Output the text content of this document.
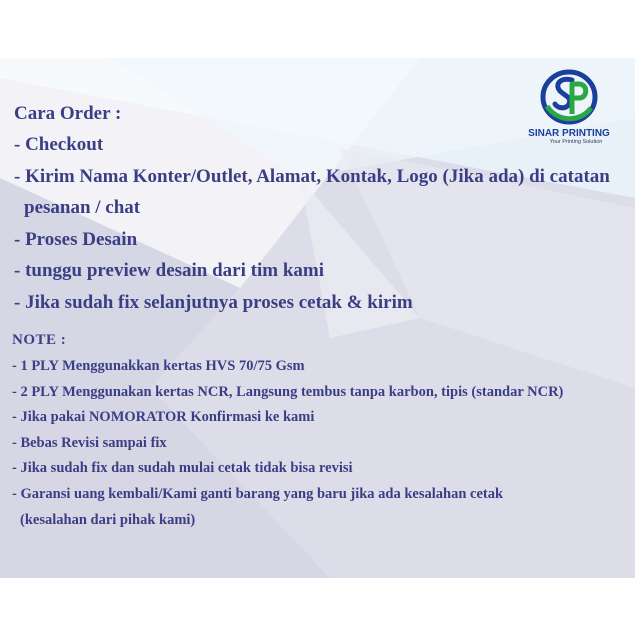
SINAR PRINTING
Your Printing Solution
Cara Order :
- Checkout
- Kirim Nama Konter/Outlet, Alamat, Kontak, Logo (Jika ada) di catatan
pesanan / chat
- Proses Desain
- tunggu preview desain dari tim kami
- Jika sudah fix selanjutnya proses cetak & kirim
NOTE :
- 1 PLY Menggunakkan kertas HVS 70/75 Gsm
- 2 PLY Menggunakan kertas NCR, Langsung tembus tanpa karbon, tipis (standar NCR)
- Jika pakai NOMORATOR Konfirmasi ke kami
- Bebas Revisi sampai fix
- Jika sudah fix dan sudah mulai cetak tidak bisa revisi
- Garansi uang kembali/Kami ganti barang yang baru jika ada kesalahan cetak
(kesalahan dari pihak kami)
